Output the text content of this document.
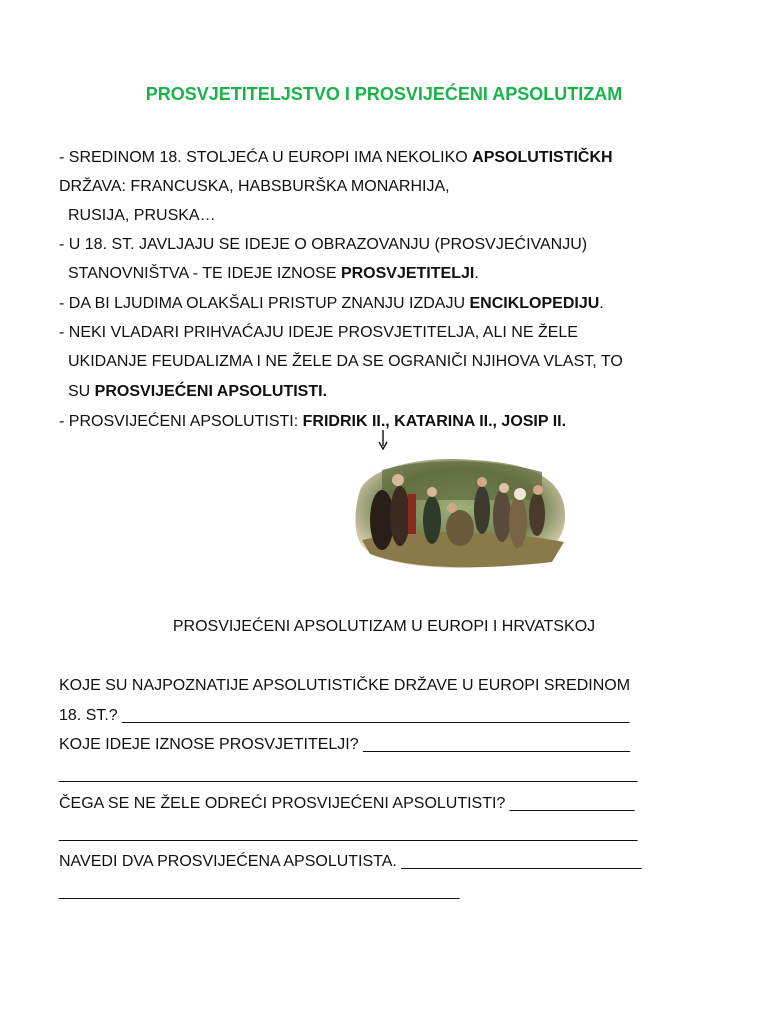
PROSVJETITELJSTVO I PROSVIJEĆENI APSOLUTIZAM
- SREDINOM 18. STOLJEĆA U EUROPI IMA NEKOLIKO APSOLUTISTIČKH
DRŽAVA: FRANCUSKA, HABSBURŠKA MONARHIJA,
RUSIJA, PRUSKA…
- U 18. ST. JAVLJAJU SE IDEJE O OBRAZOVANJU (PROSVJEĆIVANJU)
STANOVNIŠTVA - TE IDEJE IZNOSE PROSVJETITELJI.
- DA BI LJUDIMA OLAKŠALI PRISTUP ZNANJU IZDAJU ENCIKLOPEDIJU.
- NEKI VLADARI PRIHVAĆAJU IDEJE PROSVJETITELJA, ALI NE ŽELE
UKIDANJE FEUDALIZMA I NE ŽELE DA SE OGRANIČI NJIHOVA VLAST, TO
SU PROSVIJEĆENI APSOLUTISTI.
- PROSVIJEĆENI APSOLUTISTI: FRIDRIK II., KATARINA II., JOSIP II.
PROSVIJEĆENI APSOLUTIZAM U EUROPI I HRVATSKOJ
KOJE SU NAJPOZNATIJE APSOLUTISTIČKE DRŽAVE U EUROPI SREDINOM
18. ST.? _________________________________________________________
KOJE IDEJE IZNOSE PROSVJETITELJI? ______________________________
_________________________________________________________________
ČEGA SE NE ŽELE ODREĆI PROSVIJEĆENI APSOLUTISTI? ______________
_________________________________________________________________
NAVEDI DVA PROSVIJEĆENA APSOLUTISTA. ___________________________
_____________________________________________
